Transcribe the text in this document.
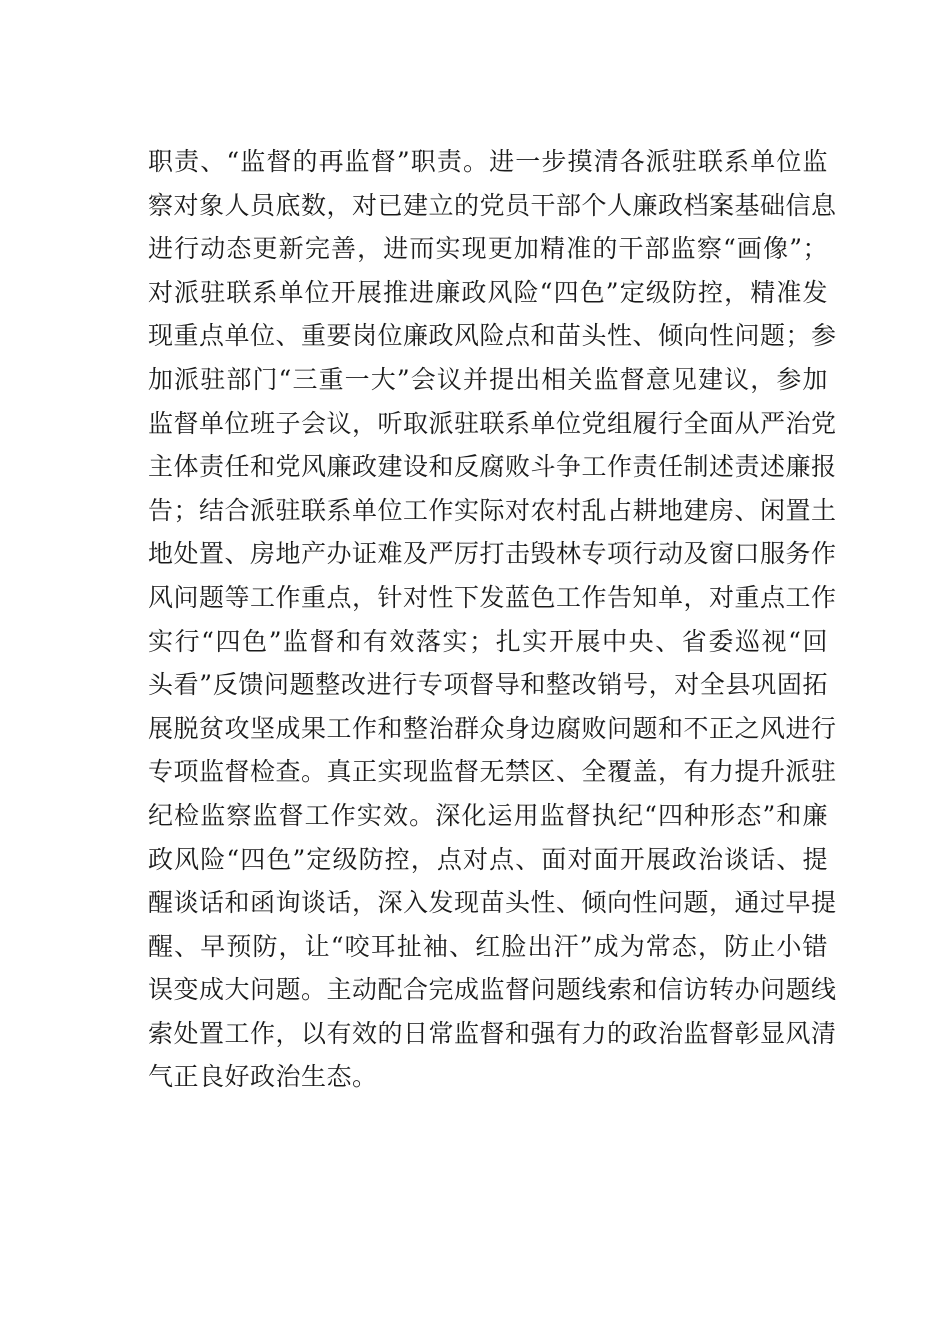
职责、“监督的再监督”职责。进一步摸清各派驻联系单位监
察对象人员底数，对已建立的党员干部个人廉政档案基础信息
进行动态更新完善，进而实现更加精准的干部监察“画像”；
对派驻联系单位开展推进廉政风险“四色”定级防控，精准发
现重点单位、重要岗位廉政风险点和苗头性、倾向性问题；参
加派驻部门“三重一大”会议并提出相关监督意见建议，参加
监督单位班子会议，听取派驻联系单位党组履行全面从严治党
主体责任和党风廉政建设和反腐败斗争工作责任制述责述廉报
告；结合派驻联系单位工作实际对农村乱占耕地建房、闲置土
地处置、房地产办证难及严厉打击毁林专项行动及窗口服务作
风问题等工作重点，针对性下发蓝色工作告知单，对重点工作
实行“四色”监督和有效落实；扎实开展中央、省委巡视“回
头看”反馈问题整改进行专项督导和整改销号，对全县巩固拓
展脱贫攻坚成果工作和整治群众身边腐败问题和不正之风进行
专项监督检查。真正实现监督无禁区、全覆盖，有力提升派驻
纪检监察监督工作实效。深化运用监督执纪“四种形态”和廉
政风险“四色”定级防控，点对点、面对面开展政治谈话、提
醒谈话和函询谈话，深入发现苗头性、倾向性问题，通过早提
醒、早预防，让“咬耳扯袖、红脸出汗”成为常态，防止小错
误变成大问题。主动配合完成监督问题线索和信访转办问题线
索处置工作，以有效的日常监督和强有力的政治监督彰显风清
气正良好政治生态。
